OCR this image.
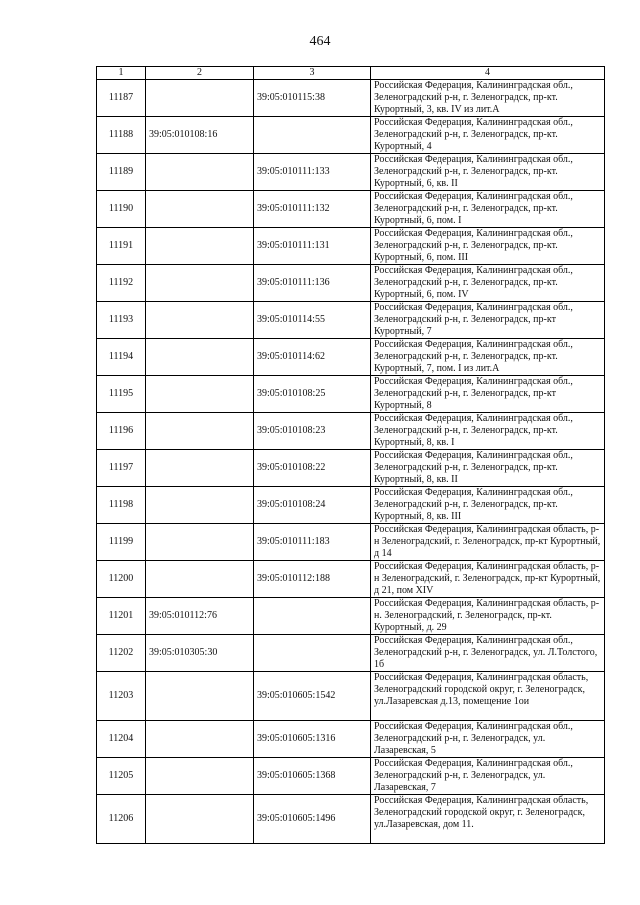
464
1	2	3	4
11187		39:05:010115:38	Российская Федерация, Калининградская обл., Зеленоградский р-н, г. Зеленоградск, пр-кт. Курортный, 3, кв. IV из лит.А
11188	39:05:010108:16		Российская Федерация, Калининградская обл., Зеленоградский р-н, г. Зеленоградск, пр-кт. Курортный, 4
11189		39:05:010111:133	Российская Федерация, Калининградская обл., Зеленоградский р-н, г. Зеленоградск, пр-кт. Курортный, 6, кв. II
11190		39:05:010111:132	Российская Федерация, Калининградская обл., Зеленоградский р-н, г. Зеленоградск, пр-кт. Курортный, 6, пом. I
11191		39:05:010111:131	Российская Федерация, Калининградская обл., Зеленоградский р-н, г. Зеленоградск, пр-кт. Курортный, 6, пом. III
11192		39:05:010111:136	Российская Федерация, Калининградская обл., Зеленоградский р-н, г. Зеленоградск, пр-кт. Курортный, 6, пом. IV
11193		39:05:010114:55	Российская Федерация, Калининградская обл., Зеленоградский р-н, г. Зеленоградск, пр-кт Курортный, 7
11194		39:05:010114:62	Российская Федерация, Калининградская обл., Зеленоградский р-н, г. Зеленоградск, пр-кт. Курортный, 7, пом. I из лит.А
11195		39:05:010108:25	Российская Федерация, Калининградская обл., Зеленоградский р-н, г. Зеленоградск, пр-кт Курортный, 8
11196		39:05:010108:23	Российская Федерация, Калининградская обл., Зеленоградский р-н, г. Зеленоградск, пр-кт. Курортный, 8, кв. I
11197		39:05:010108:22	Российская Федерация, Калининградская обл., Зеленоградский р-н, г. Зеленоградск, пр-кт. Курортный, 8, кв. II
11198		39:05:010108:24	Российская Федерация, Калининградская обл., Зеленоградский р-н, г. Зеленоградск, пр-кт. Курортный, 8, кв. III
11199		39:05:010111:183	Российская Федерация, Калининградская область, р-н Зеленоградский, г. Зеленоградск, пр-кт Курортный, д 14
11200		39:05:010112:188	Российская Федерация, Калининградская область, р-н Зеленоградский, г. Зеленоградск, пр-кт Курортный, д 21, пом XIV
11201	39:05:010112:76		Российская Федерация, Калининградская область, р-н. Зеленоградский, г. Зеленоградск, пр-кт. Курортный, д. 29
11202	39:05:010305:30		Российская Федерация, Калининградская обл., Зеленоградский р-н, г. Зеленоградск, ул. Л.Толстого, 1б
11203		39:05:010605:1542	Российская Федерация, Калининградская область, Зеленоградский городской округ, г. Зеленоградск, ул.Лазаревская д.13, помещение 1ои
11204		39:05:010605:1316	Российская Федерация, Калининградская обл., Зеленоградский р-н, г. Зеленоградск, ул. Лазаревская, 5
11205		39:05:010605:1368	Российская Федерация, Калининградская обл., Зеленоградский р-н, г. Зеленоградск, ул. Лазаревская, 7
11206		39:05:010605:1496	Российская Федерация, Калининградская область, Зеленоградский городской округ, г. Зеленоградск, ул.Лазаревская, дом 11.
